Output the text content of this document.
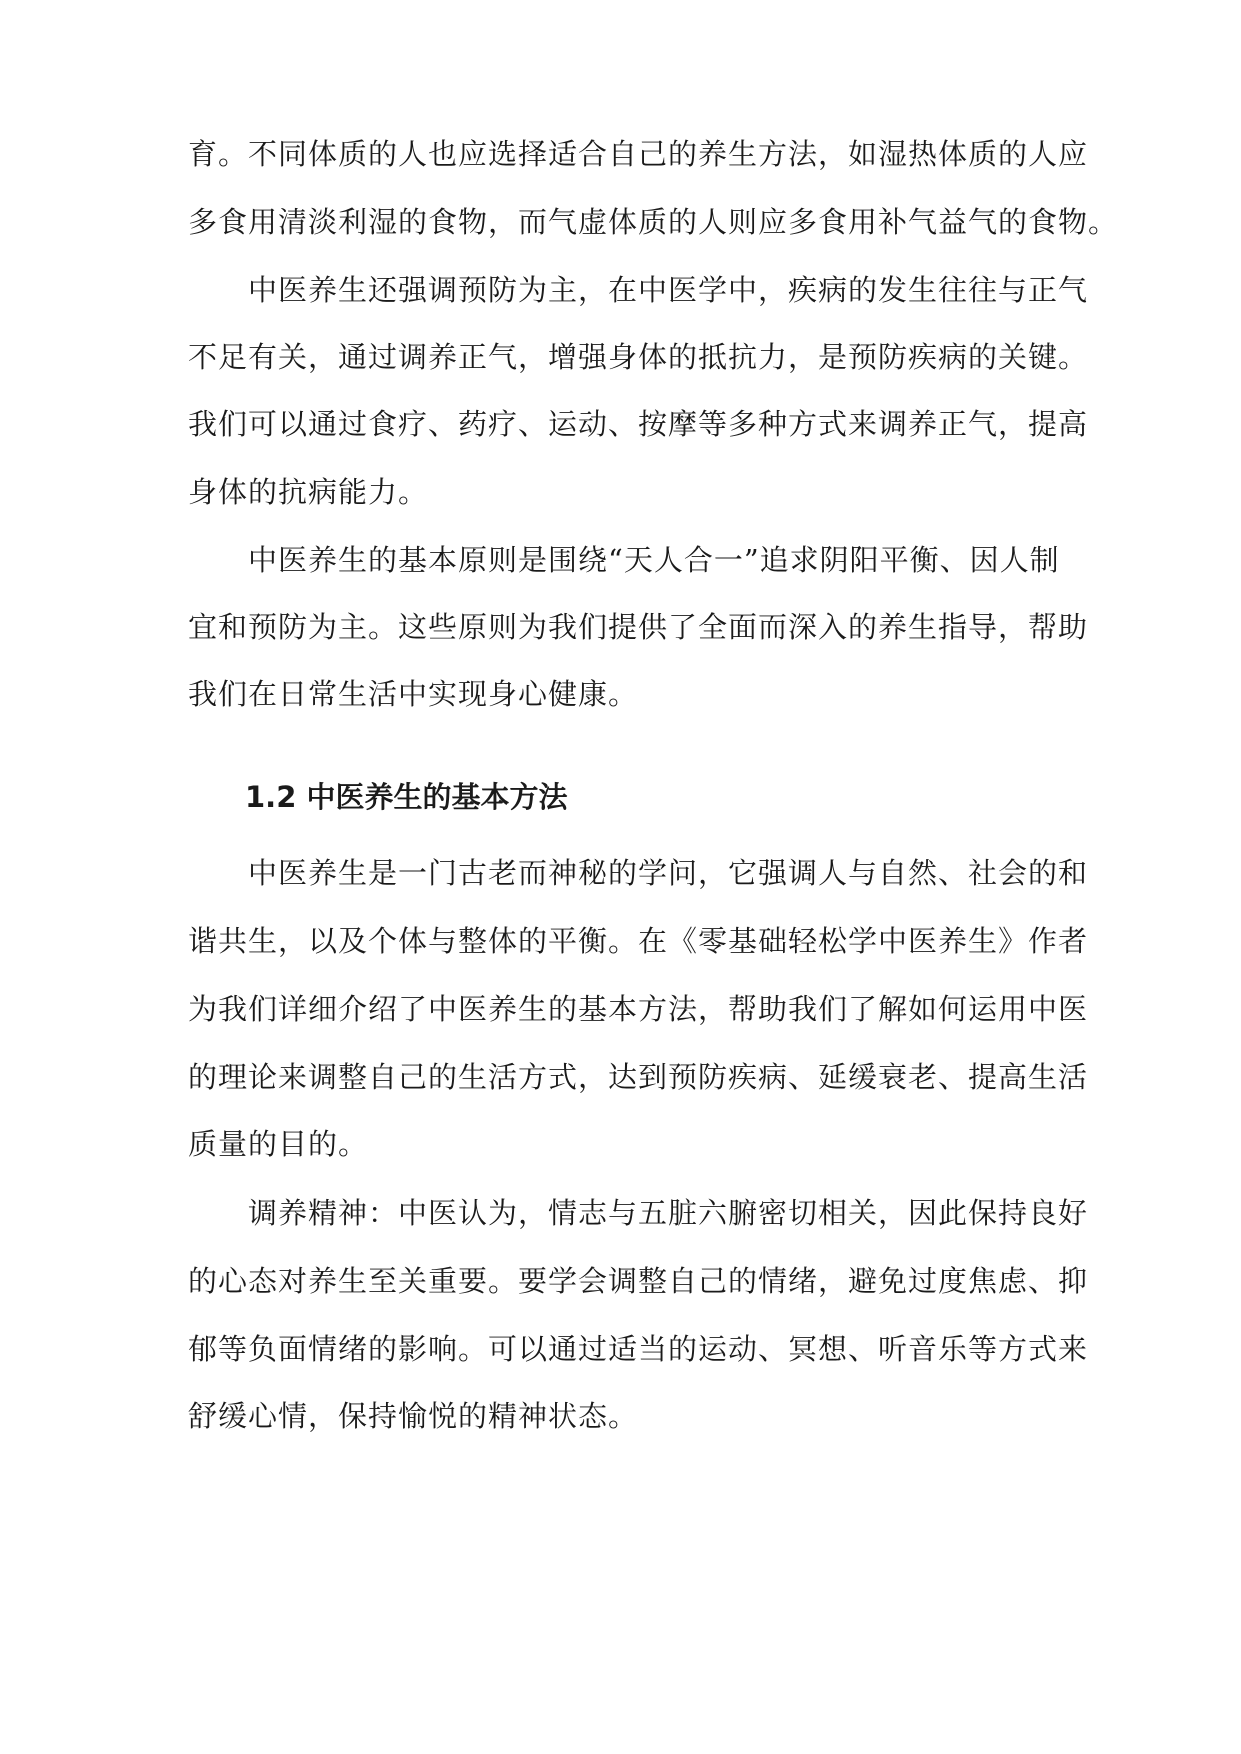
育。不同体质的人也应选择适合自己的养生方法，如湿热体质的人应
多食用清淡利湿的食物，而气虚体质的人则应多食用补气益气的食物。
　　中医养生还强调预防为主，在中医学中，疾病的发生往往与正气
不足有关，通过调养正气，增强身体的抵抗力，是预防疾病的关键。
我们可以通过食疗、药疗、运动、按摩等多种方式来调养正气，提高
身体的抗病能力。
　　中医养生的基本原则是围绕“天人合一”追求阴阳平衡、因人制
宜和预防为主。这些原则为我们提供了全面而深入的养生指导，帮助
我们在日常生活中实现身心健康。
1.2 中医养生的基本方法
　　中医养生是一门古老而神秘的学问，它强调人与自然、社会的和
谐共生，以及个体与整体的平衡。在《零基础轻松学中医养生》作者
为我们详细介绍了中医养生的基本方法，帮助我们了解如何运用中医
的理论来调整自己的生活方式，达到预防疾病、延缓衰老、提高生活
质量的目的。
　　调养精神：中医认为，情志与五脏六腑密切相关，因此保持良好
的心态对养生至关重要。要学会调整自己的情绪，避免过度焦虑、抑
郁等负面情绪的影响。可以通过适当的运动、冥想、听音乐等方式来
舒缓心情，保持愉悦的精神状态。
